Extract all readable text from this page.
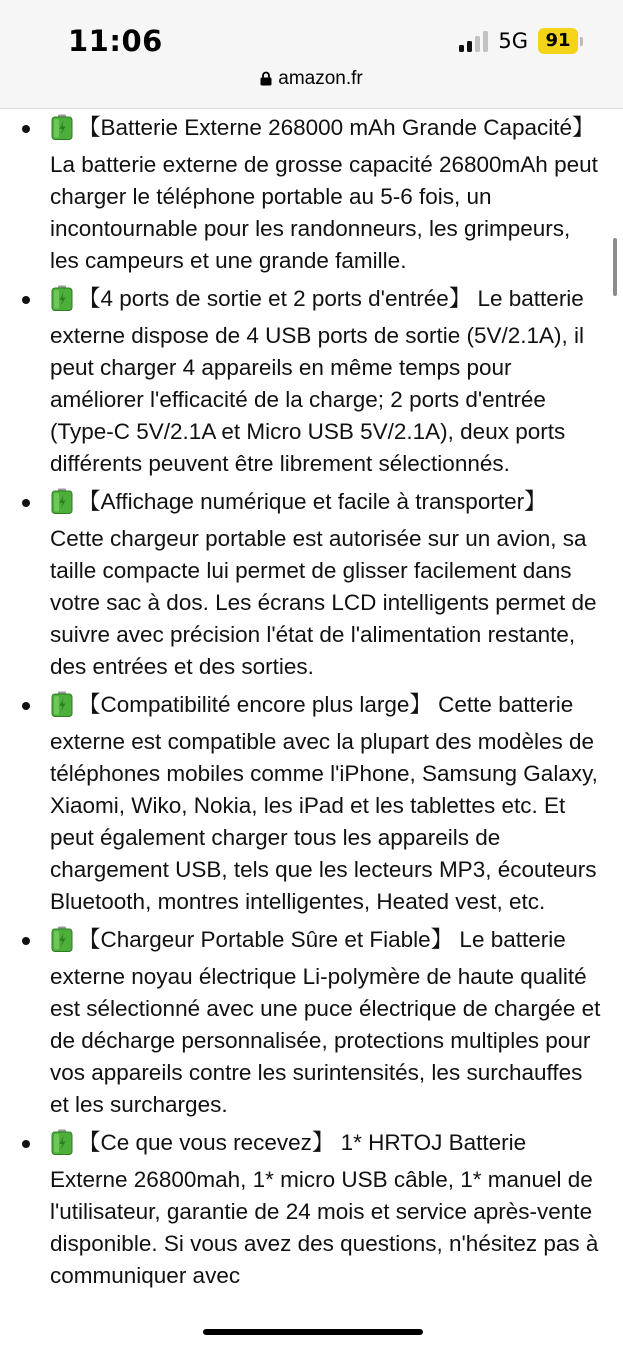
11:06	5G 91
amazon.fr
【Batterie Externe 268000 mAh Grande Capacité】La batterie externe de grosse capacité 26800mAh peut charger le téléphone portable au 5-6 fois, un incontournable pour les randonneurs, les grimpeurs, les campeurs et une grande famille.
【4 ports de sortie et 2 ports d'entrée】 Le batterie externe dispose de 4 USB ports de sortie (5V/2.1A), il peut charger 4 appareils en même temps pour améliorer l'efficacité de la charge; 2 ports d'entrée (Type-C 5V/2.1A et Micro USB 5V/2.1A), deux ports différents peuvent être librement sélectionnés.
【Affichage numérique et facile à transporter】 Cette chargeur portable est autorisée sur un avion, sa taille compacte lui permet de glisser facilement dans votre sac à dos. Les écrans LCD intelligents permet de suivre avec précision l'état de l'alimentation restante, des entrées et des sorties.
【Compatibilité encore plus large】 Cette batterie externe est compatible avec la plupart des modèles de téléphones mobiles comme l'iPhone, Samsung Galaxy, Xiaomi, Wiko, Nokia, les iPad et les tablettes etc. Et peut également charger tous les appareils de chargement USB, tels que les lecteurs MP3, écouteurs Bluetooth, montres intelligentes, Heated vest, etc.
【Chargeur Portable Sûre et Fiable】 Le batterie externe noyau électrique Li-polymère de haute qualité est sélectionné avec une puce électrique de chargée et de décharge personnalisée, protections multiples pour vos appareils contre les surintensités, les surchauffes et les surcharges.
【Ce que vous recevez】 1* HRTOJ Batterie Externe 26800mah, 1* micro USB câble, 1* manuel de l'utilisateur, garantie de 24 mois et service après-vente disponible. Si vous avez des questions, n'hésitez pas à communiquer avec
